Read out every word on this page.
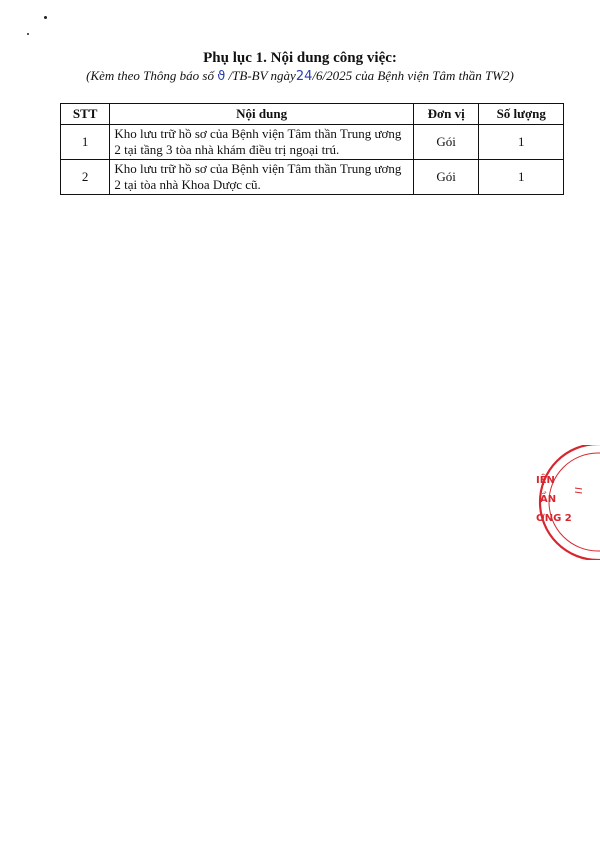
Phụ lục 1. Nội dung công việc:
(Kèm theo Thông báo số ϑ /TB-BV ngày24/6/2025 của Bệnh viện Tâm thần TW2)
STT	Nội dung	Đơn vị	Số lượng
1	Kho lưu trữ hồ sơ của Bệnh viện Tâm thần Trung ương 2 tại tầng 3 tòa nhà khám điều trị ngoại trú.	Gói	1
2	Kho lưu trữ hồ sơ của Bệnh viện Tâm thần Trung ương 2 tại tòa nhà Khoa Dược cũ.	Gói	1
IỆN
ẦN
ƠNG 2
